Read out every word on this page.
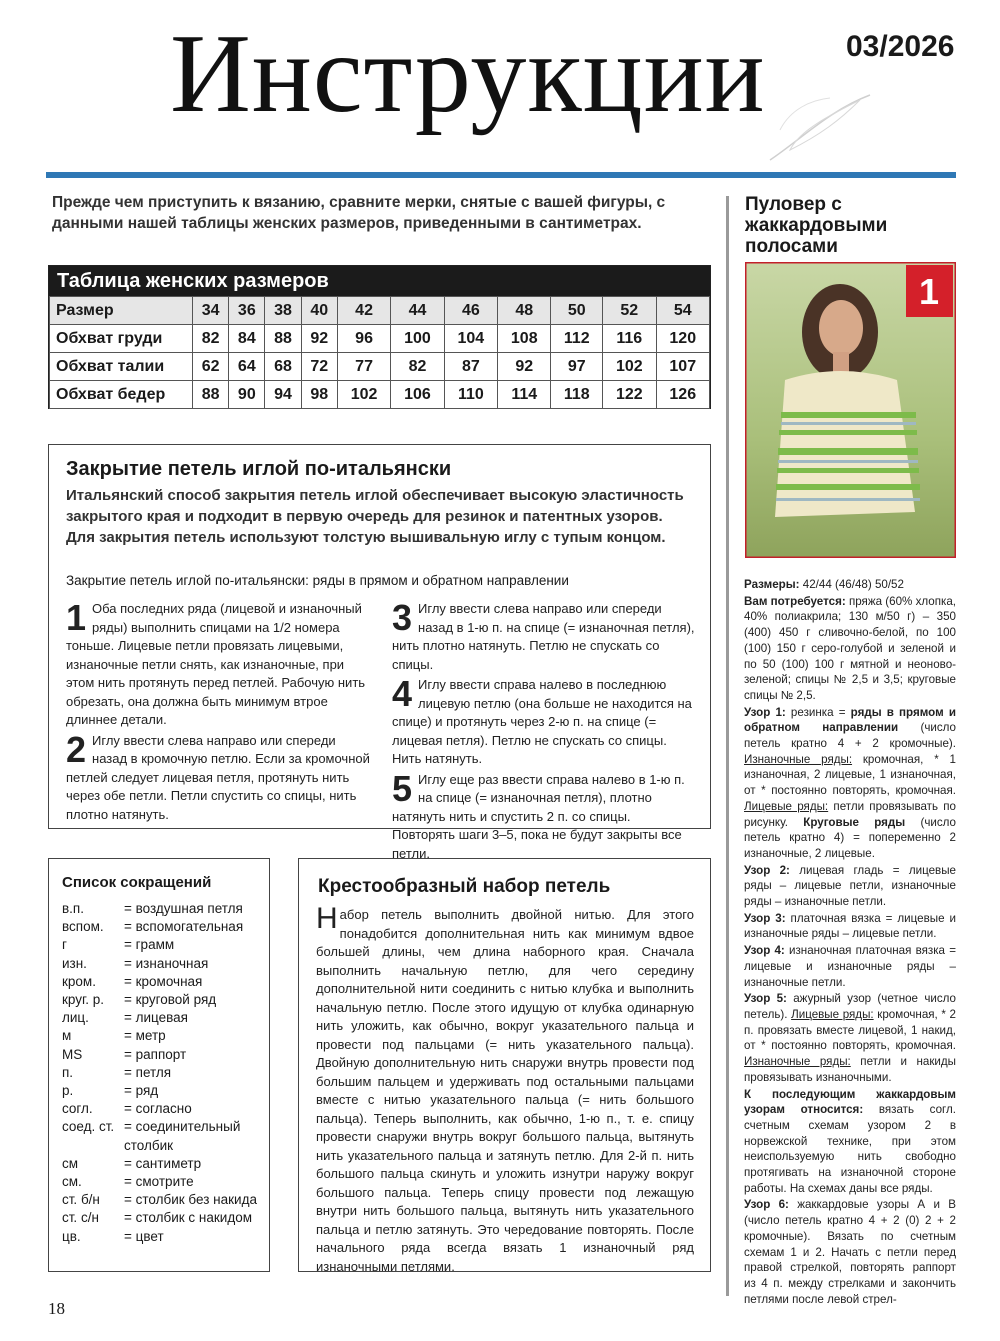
Инструкции	03/2026
Прежде чем приступить к вязанию, сравните мерки, снятые с вашей фигуры, с данными нашей таблицы женских размеров, приведенными в сантиметрах.
Таблица женских размеров
Размер	34	36	38	40	42	44	46	48	50	52	54
Обхват груди	82	84	88	92	96	100	104	108	112	116	120
Обхват талии	62	64	68	72	77	82	87	92	97	102	107
Обхват бедер	88	90	94	98	102	106	110	114	118	122	126
Закрытие петель иглой по-итальянски
Итальянский способ закрытия петель иглой обеспечивает высокую эластичность закрытого края и подходит в первую очередь для резинок и патентных узоров. Для закрытия петель используют толстую вышивальную иглу с тупым концом.
Закрытие петель иглой по-итальянски: ряды в прямом и обратном направлении
1 Оба последних ряда (лицевой и изнаночный ряды) выполнить спицами на 1/2 номера тоньше. Лицевые петли провязать лицевыми, изнаночные петли снять, как изнаночные, при этом нить протянуть перед петлей. Рабочую нить обрезать, она должна быть минимум втрое длиннее детали.
2 Иглу ввести слева направо или спереди назад в кромочную петлю. Если за кромочной петлей следует лицевая петля, протянуть нить через обе петли. Петли спустить со спицы, нить плотно натянуть.
3 Иглу ввести слева направо или спереди назад в 1-ю п. на спице (= изнаночная петля), нить плотно натянуть. Петлю не спускать со спицы.
4 Иглу ввести справа налево в последнюю лицевую петлю (она больше не находится на спице) и протянуть через 2-ю п. на спице (= лицевая петля). Петлю не спускать со спицы. Нить натянуть.
5 Иглу еще раз ввести справа налево в 1-ю п. на спице (= изнаночная петля), плотно натянуть нить и спустить 2 п. со спицы. Повторять шаги 3–5, пока не будут закрыты все петли.
Список сокращений
в.п.	= воздушная петля
вспом.	= вспомогательная
г	= грамм
изн.	= изнаночная
кром.	= кромочная
круг. р.	= круговой ряд
лиц.	= лицевая
м	= метр
MS	= раппорт
п.	= петля
р.	= ряд
согл.	= согласно
соед. ст. = соединительный столбик
см	= сантиметр
см.	= смотрите
ст. б/н	= столбик без накида
ст. с/н	= столбик с накидом
цв.	= цвет
Крестообразный набор петель
Набор петель выполнить двойной нитью. Для этого понадобится дополнительная нить как минимум вдвое большей длины, чем длина наборного края. Сначала выполнить начальную петлю, для чего середину дополнительной нити соединить с нитью клубка и выполнить начальную петлю. После этого идущую от клубка одинарную нить уложить, как обычно, вокруг указательного пальца и провести под пальцами (= нить указательного пальца). Двойную дополнительную нить снаружи внутрь провести под большим пальцем и удерживать под остальными пальцами вместе с нитью указательного пальца (= нить большого пальца). Теперь выполнить, как обычно, 1-ю п., т. е. спицу провести снаружи внутрь вокруг большого пальца, вытянуть нить указательного пальца и затянуть петлю. Для 2-й п. нить большого пальца скинуть и уложить изнутри наружу вокруг большого пальца. Теперь спицу провести под лежащую внутри нить большого пальца, вытянуть нить указательного пальца и петлю затянуть. Это чередование повторять. После начального ряда всегда вязать 1 изнаночный ряд изнаночными петлями.
Пуловер с жаккардовыми полосами
1

Размеры: 42/44 (46/48) 50/52

Вам потребуется: пряжа (60% хлопка, 40% полиакрила; 130 м/50 г) – 350 (400) 450 г сливочно-белой, по 100 (100) 150 г серо-голубой и зеленой и по 50 (100) 100 г мятной и неоново-зеленой; спицы № 2,5 и 3,5; круговые спицы № 2,5.

Узор 1: резинка = ряды в прямом и обратном направлении (число петель кратно 4 + 2 кромочные). Изнаночные ряды: кромочная, * 1 изнаночная, 2 лицевые, 1 изнаночная, от * постоянно повторять, кромочная. Лицевые ряды: петли провязывать по рисунку. Круговые ряды (число петель кратно 4) = попеременно 2 изнаночные, 2 лицевые.

Узор 2: лицевая гладь = лицевые ряды – лицевые петли, изнаночные ряды – изнаночные петли.

Узор 3: платочная вязка = лицевые и изнаночные ряды – лицевые петли.

Узор 4: изнаночная платочная вязка = лицевые и изнаночные ряды – изнаночные петли.

Узор 5: ажурный узор (четное число петель). Лицевые ряды: кромочная, * 2 п. провязать вместе лицевой, 1 накид, от * постоянно повторять, кромочная. Изнаночные ряды: петли и накиды провязывать изнаночными.

К последующим жаккардовым узорам относится: вязать согл. счетным схемам узором 2 в норвежской технике, при этом неиспользуемую нить свободно протягивать на изнаночной стороне работы. На схемах даны все ряды.

Узор 6: жаккардовые узоры А и В (число петель кратно 4 + 2 (0) 2 + 2 кромочные). Вязать по счетным схемам 1 и 2. Начать с петли перед правой стрелкой, повторять раппорт из 4 п. между стрелками и закончить петлями после левой стрел-

18
